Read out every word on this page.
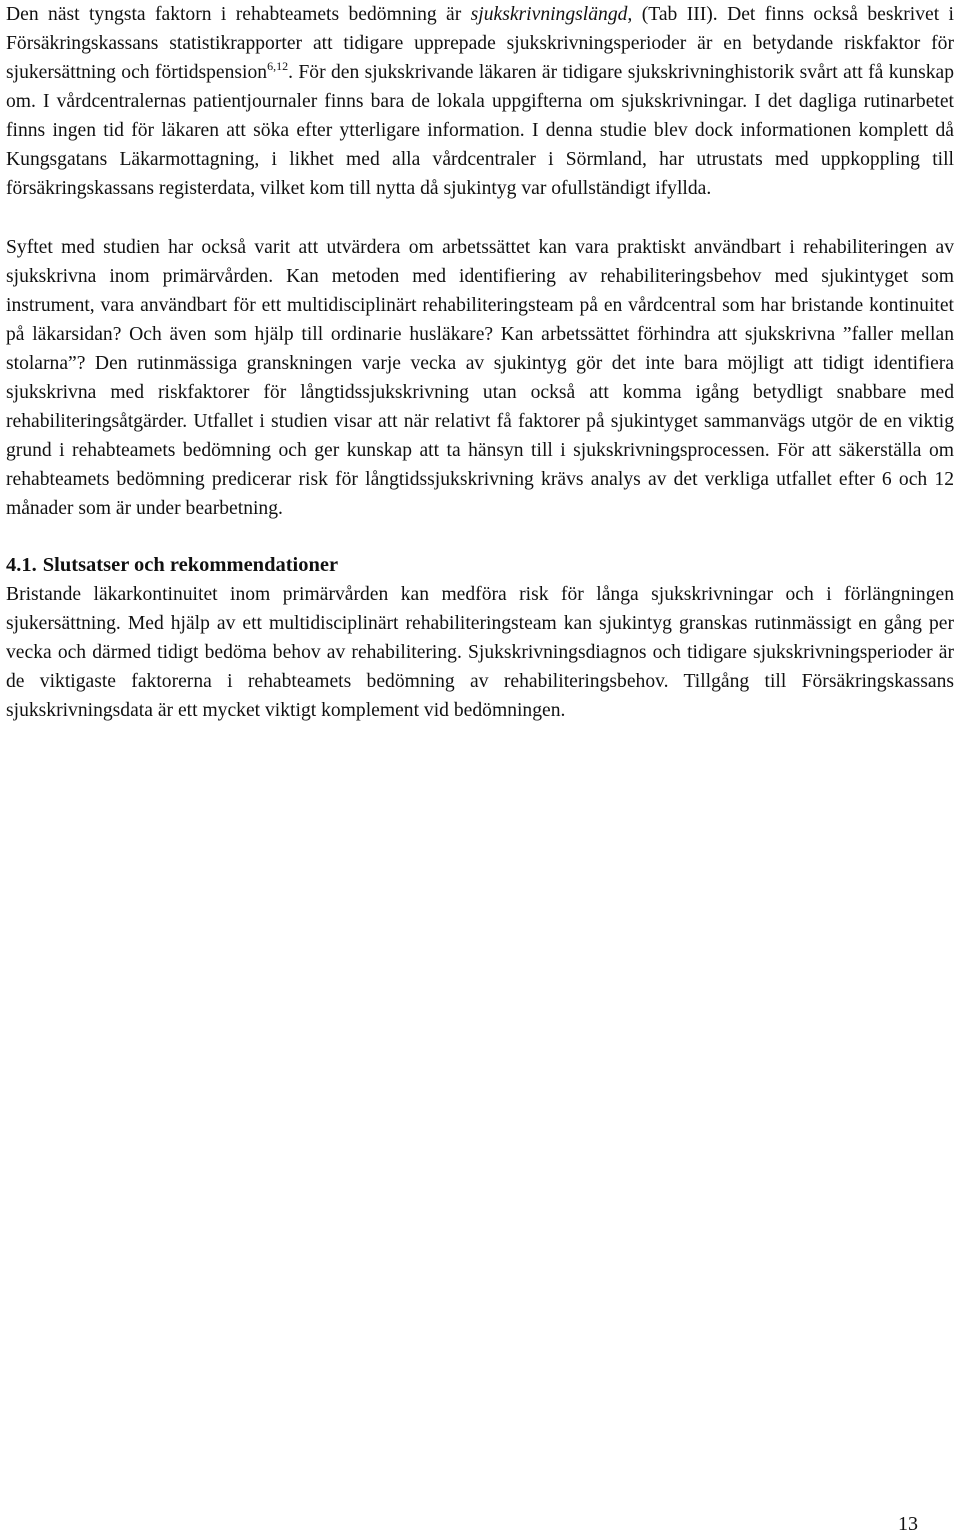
Den näst tyngsta faktorn i rehabteamets bedömning är sjukskrivningslängd, (Tab III). Det finns också beskrivet i Försäkringskassans statistikrapporter att tidigare upprepade sjukskrivningsperioder är en betydande riskfaktor för sjukersättning och förtidspension$^{6,12}$. För den sjukskrivande läkaren är tidigare sjukskrivninghistorik svårt att få kunskap om. I vårdcentralernas patientjournaler finns bara de lokala uppgifterna om sjukskrivningar. I det dagliga rutinarbetet finns ingen tid för läkaren att söka efter ytterligare information. I denna studie blev dock informationen komplett då Kungsgatans Läkarmottagning, i likhet med alla vårdcentraler i Sörmland, har utrustats med uppkoppling till försäkringskassans registerdata, vilket kom till nytta då sjukintyg var ofullständigt ifyllda.

Syftet med studien har också varit att utvärdera om arbetssättet kan vara praktiskt användbart i rehabiliteringen av sjukskrivna inom primärvården. Kan metoden med identifiering av rehabiliteringsbehov med sjukintyget som instrument, vara användbart för ett multidisciplinärt rehabiliteringsteam på en vårdcentral som har bristande kontinuitet på läkarsidan? Och även som hjälp till ordinarie husläkare? Kan arbetssättet förhindra att sjukskrivna ”faller mellan stolarna”? Den rutinmässiga granskningen varje vecka av sjukintyg gör det inte bara möjligt att tidigt identifiera sjukskrivna med riskfaktorer för långtidssjukskrivning utan också att komma igång betydligt snabbare med rehabiliteringsåtgärder. Utfallet i studien visar att när relativt få faktorer på sjukintyget sammanvägs utgör de en viktig grund i rehabteamets bedömning och ger kunskap att ta hänsyn till i sjukskrivningsprocessen. För att säkerställa om rehabteamets bedömning predicerar risk för långtidssjukskrivning krävs analys av det verkliga utfallet efter 6 och 12 månader som är under bearbetning.

4.1. Slutsatser och rekommendationer

Bristande läkarkontinuitet inom primärvården kan medföra risk för långa sjukskrivningar och i förlängningen sjukersättning. Med hjälp av ett multidisciplinärt rehabiliteringsteam kan sjukintyg granskas rutinmässigt en gång per vecka och därmed tidigt bedöma behov av rehabilitering. Sjukskrivningsdiagnos och tidigare sjukskrivningsperioder är de viktigaste faktorerna i rehabteamets bedömning av rehabiliteringsbehov. Tillgång till Försäkringskassans sjukskrivningsdata är ett mycket viktigt komplement vid bedömningen.

13
